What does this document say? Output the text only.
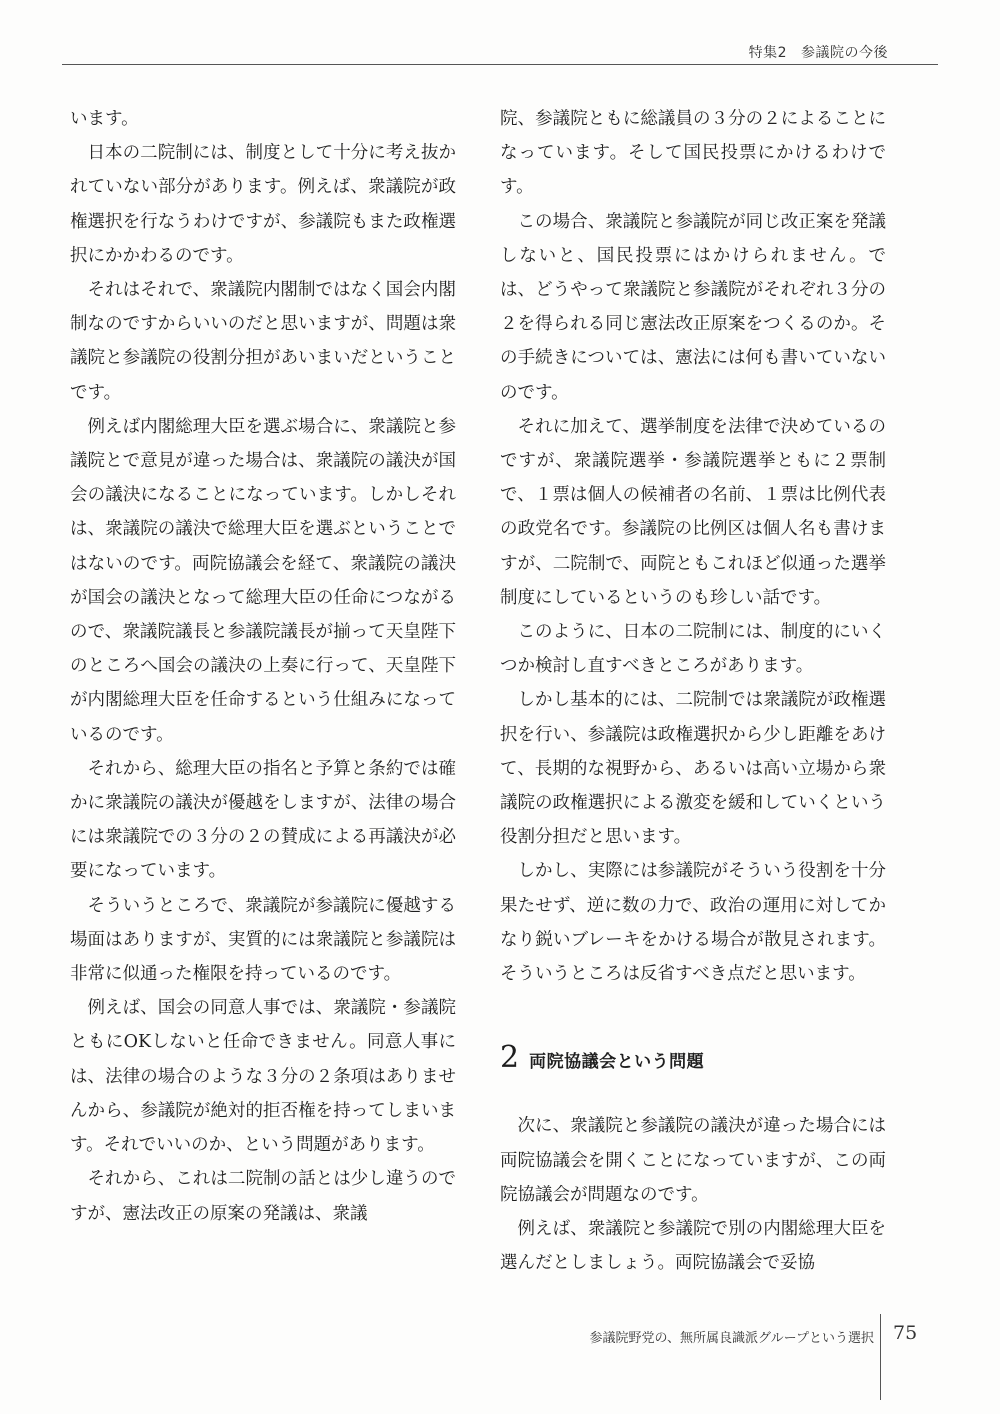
特集2 参議院の今後

います。

日本の二院制には、制度として十分に考え抜かれていない部分があります。例えば、衆議院が政権選択を行なうわけですが、参議院もまた政権選択にかかわるのです。

それはそれで、衆議院内閣制ではなく国会内閣制なのですからいいのだと思いますが、問題は衆議院と参議院の役割分担があいまいだということです。

例えば内閣総理大臣を選ぶ場合に、衆議院と参議院とで意見が違った場合は、衆議院の議決が国会の議決になることになっています。しかしそれは、衆議院の議決で総理大臣を選ぶということではないのです。両院協議会を経て、衆議院の議決が国会の議決となって総理大臣の任命につながるので、衆議院議長と参議院議長が揃って天皇陛下のところへ国会の議決の上奏に行って、天皇陛下が内閣総理大臣を任命するという仕組みになっているのです。

それから、総理大臣の指名と予算と条約では確かに衆議院の議決が優越をしますが、法律の場合には衆議院での３分の２の賛成による再議決が必要になっています。

そういうところで、衆議院が参議院に優越する場面はありますが、実質的には衆議院と参議院は非常に似通った権限を持っているのです。

例えば、国会の同意人事では、衆議院・参議院ともにOKしないと任命できません。同意人事には、法律の場合のような３分の２条項はありませんから、参議院が絶対的拒否権を持ってしまいます。それでいいのか、という問題があります。

それから、これは二院制の話とは少し違うのですが、憲法改正の原案の発議は、衆議

院、参議院ともに総議員の３分の２によることになっています。そして国民投票にかけるわけです。

この場合、衆議院と参議院が同じ改正案を発議しないと、国民投票にはかけられません。では、どうやって衆議院と参議院がそれぞれ３分の２を得られる同じ憲法改正原案をつくるのか。その手続きについては、憲法には何も書いていないのです。

それに加えて、選挙制度を法律で決めているのですが、衆議院選挙・参議院選挙ともに２票制で、１票は個人の候補者の名前、１票は比例代表の政党名です。参議院の比例区は個人名も書けますが、二院制で、両院ともこれほど似通った選挙制度にしているというのも珍しい話です。

このように、日本の二院制には、制度的にいくつか検討し直すべきところがあります。

しかし基本的には、二院制では衆議院が政権選択を行い、参議院は政権選択から少し距離をあけて、長期的な視野から、あるいは高い立場から衆議院の政権選択による激変を緩和していくという役割分担だと思います。

しかし、実際には参議院がそういう役割を十分果たせず、逆に数の力で、政治の運用に対してかなり鋭いブレーキをかける場合が散見されます。そういうところは反省すべき点だと思います。

2 両院協議会という問題

次に、衆議院と参議院の議決が違った場合には両院協議会を開くことになっていますが、この両院協議会が問題なのです。

例えば、衆議院と参議院で別の内閣総理大臣を選んだとしましょう。両院協議会で妥協

参議院野党の、無所属良識派グループという選択 75
